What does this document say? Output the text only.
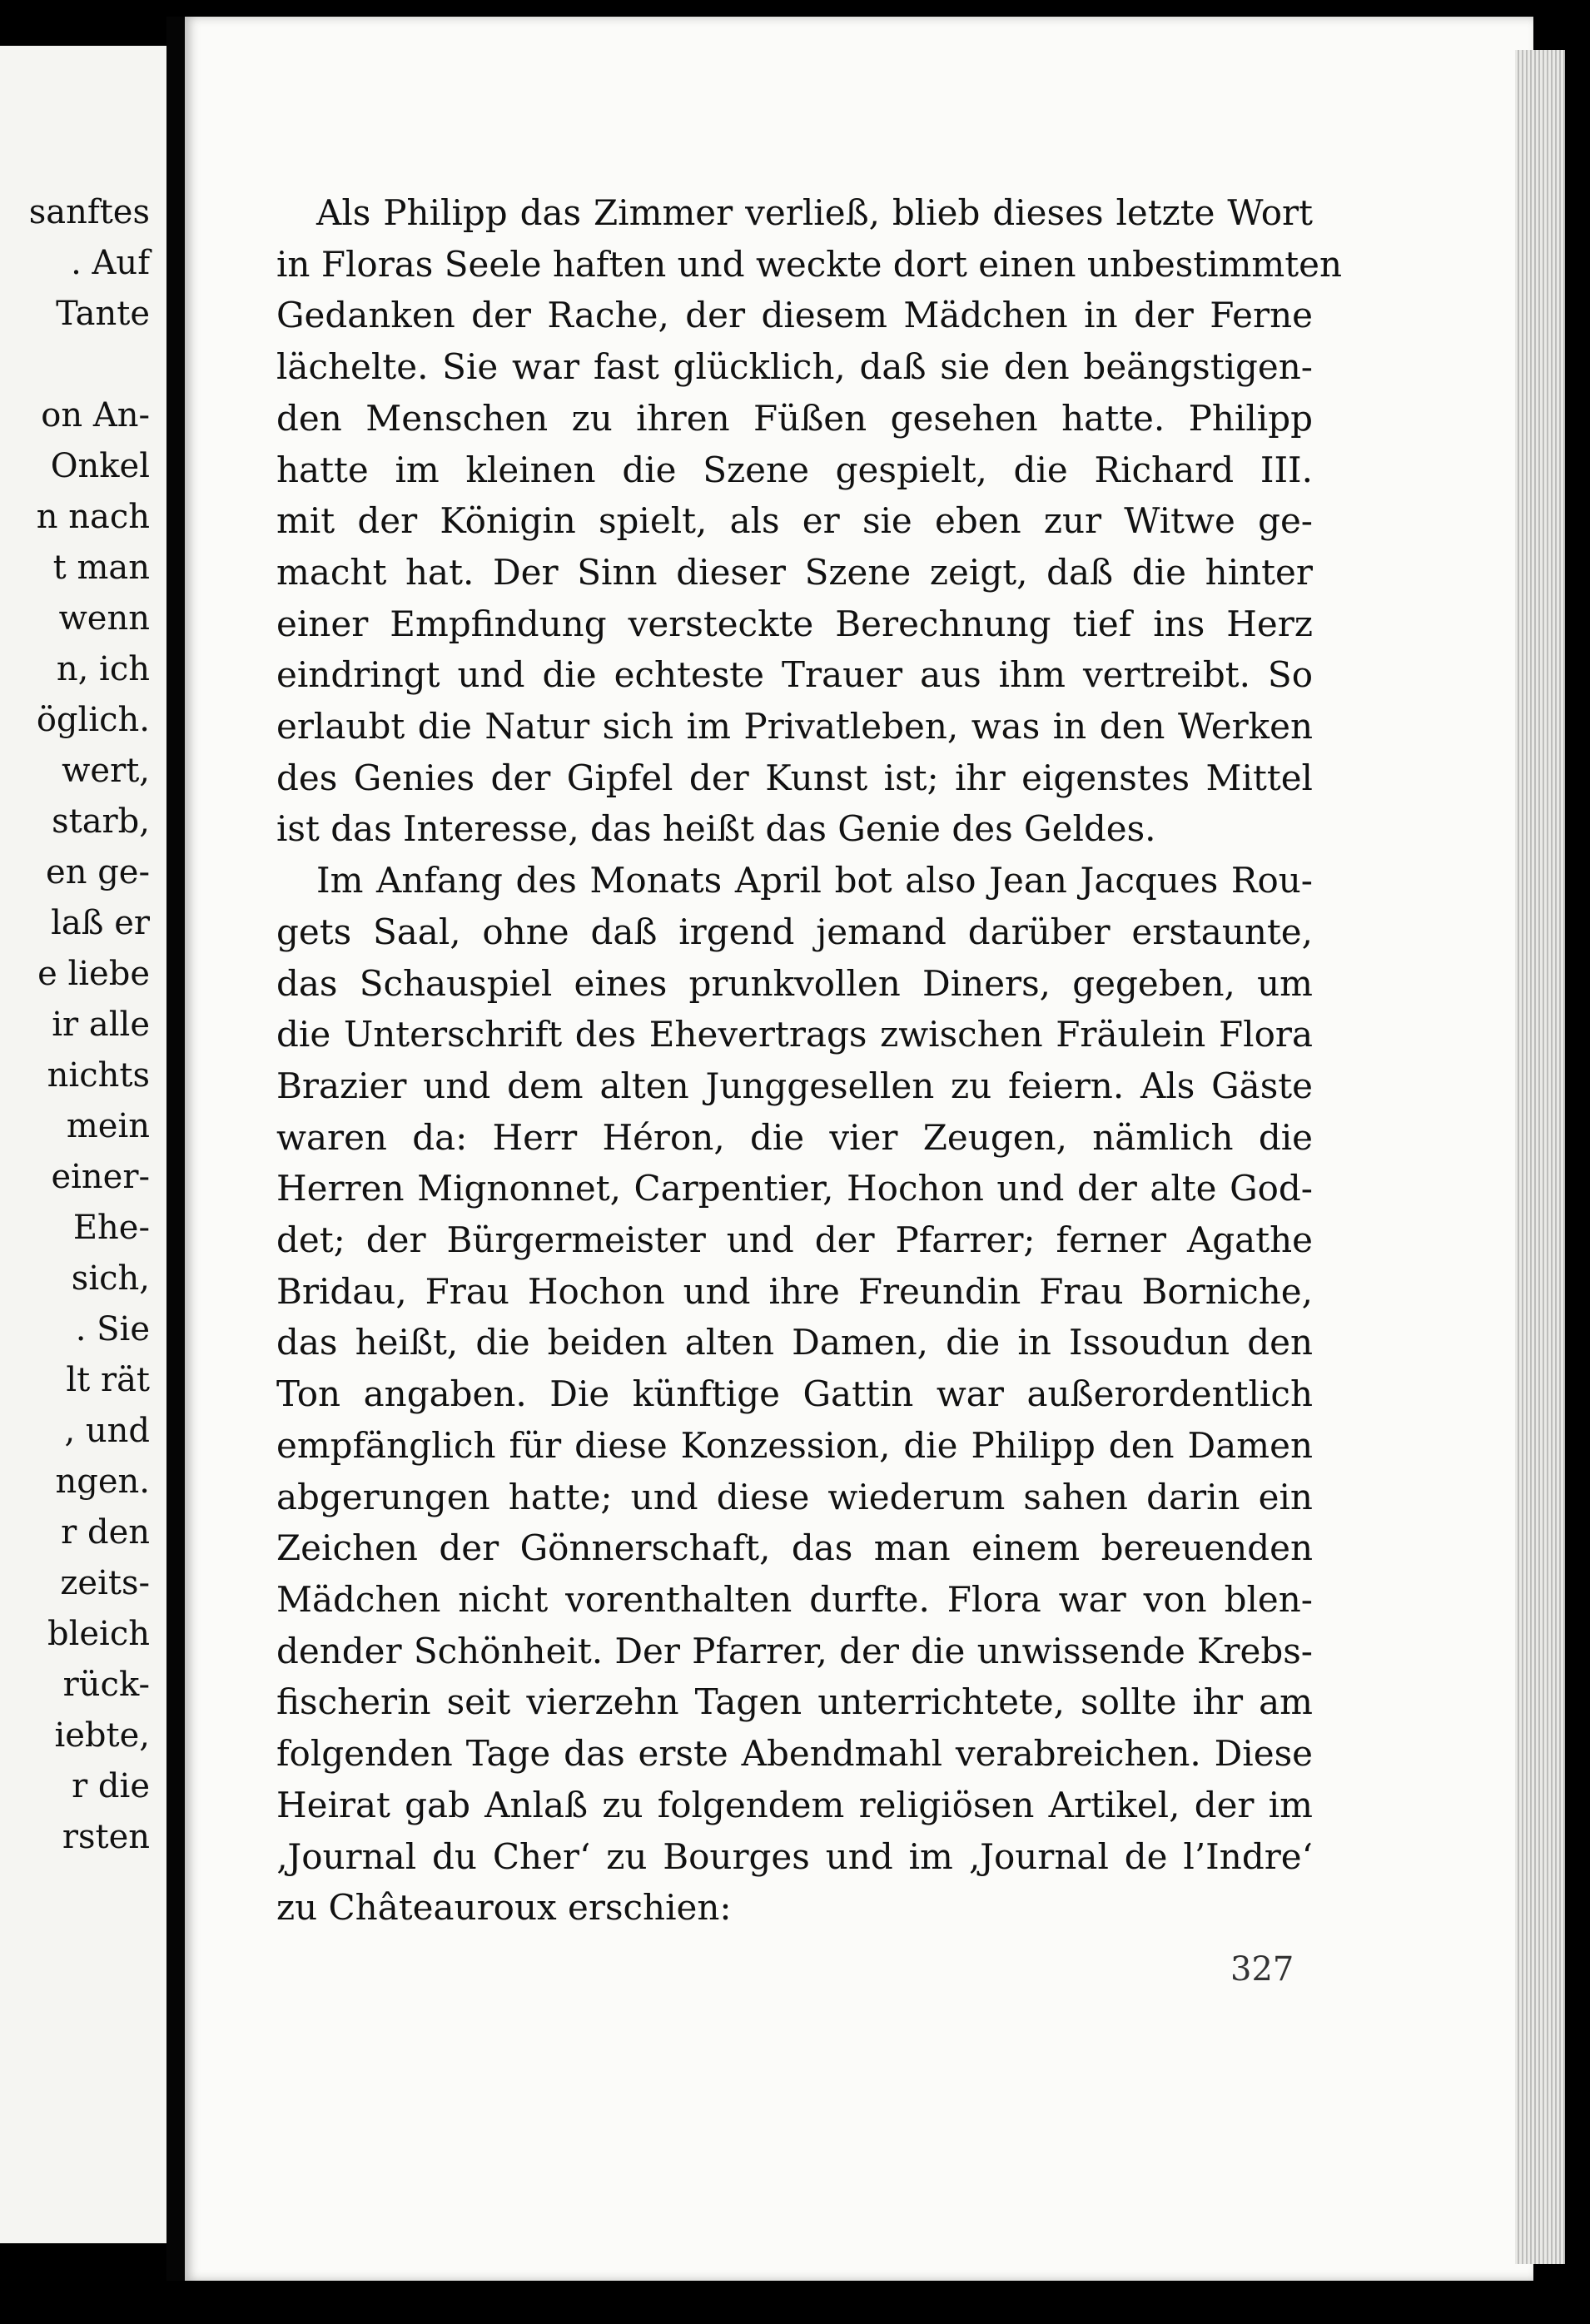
sanftes
. Auf
Tante

on An-
Onkel
n nach
t man
wenn
n, ich
öglich.
wert,
starb,
en ge-
laß er
e liebe
ir alle
nichts
mein
einer-
Ehe-
sich,
. Sie
lt rät
, und
ngen.
r den
zeits-
bleich
rück-
iebte,
r die
rsten
Als Philipp das Zimmer verließ, blieb dieses letzte Wort
in Floras Seele haften und weckte dort einen unbestimmten
Gedanken der Rache, der diesem Mädchen in der Ferne
lächelte. Sie war fast glücklich, daß sie den beängstigen-
den Menschen zu ihren Füßen gesehen hatte. Philipp
hatte im kleinen die Szene gespielt, die Richard III.
mit der Königin spielt, als er sie eben zur Witwe ge-
macht hat. Der Sinn dieser Szene zeigt, daß die hinter
einer Empfindung versteckte Berechnung tief ins Herz
eindringt und die echteste Trauer aus ihm vertreibt. So
erlaubt die Natur sich im Privatleben, was in den Werken
des Genies der Gipfel der Kunst ist; ihr eigenstes Mittel
ist das Interesse, das heißt das Genie des Geldes.
Im Anfang des Monats April bot also Jean Jacques Rou-
gets Saal, ohne daß irgend jemand darüber erstaunte,
das Schauspiel eines prunkvollen Diners, gegeben, um
die Unterschrift des Ehevertrags zwischen Fräulein Flora
Brazier und dem alten Junggesellen zu feiern. Als Gäste
waren da: Herr Héron, die vier Zeugen, nämlich die
Herren Mignonnet, Carpentier, Hochon und der alte God-
det; der Bürgermeister und der Pfarrer; ferner Agathe
Bridau, Frau Hochon und ihre Freundin Frau Borniche,
das heißt, die beiden alten Damen, die in Issoudun den
Ton angaben. Die künftige Gattin war außerordentlich
empfänglich für diese Konzession, die Philipp den Damen
abgerungen hatte; und diese wiederum sahen darin ein
Zeichen der Gönnerschaft, das man einem bereuenden
Mädchen nicht vorenthalten durfte. Flora war von blen-
dender Schönheit. Der Pfarrer, der die unwissende Krebs-
fischerin seit vierzehn Tagen unterrichtete, sollte ihr am
folgenden Tage das erste Abendmahl verabreichen. Diese
Heirat gab Anlaß zu folgendem religiösen Artikel, der im
‚Journal du Cher‘ zu Bourges und im ‚Journal de l’Indre‘
zu Châteauroux erschien:
327
